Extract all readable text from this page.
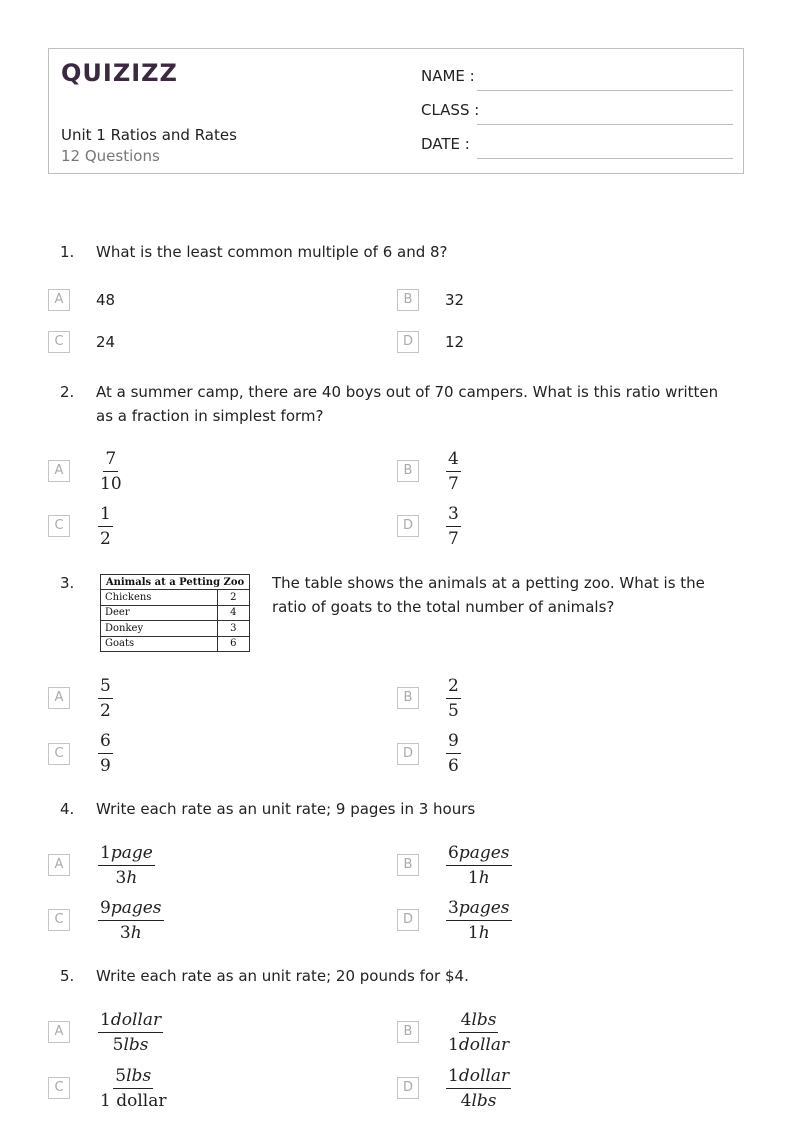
QUIZIZZ
Unit 1 Ratios and Rates
12 Questions
NAME :
CLASS :
DATE :
1. What is the least common multiple of 6 and 8?
A	48	B	32
C	24	D	12
2. At a summer camp, there are 40 boys out of 70 campers. What is this ratio written as a fraction in simplest form?
A	$\frac{7}{10}$	B	$\frac{4}{7}$
C	$\frac{1}{2}$	D	$\frac{3}{7}$
3.	Animals at a Petting Zoo	
Chickens	2
Deer	4
Donkey	3
Goats	6
The table shows the animals at a petting zoo. What is the ratio of goats to the total number of animals?
A	$\frac{5}{2}$	B	$\frac{2}{5}$
C	$\frac{6}{9}$	D	$\frac{9}{6}$
4. Write each rate as an unit rate; 9 pages in 3 hours
A
1page
3h
B
6pages
1h
C
9pages
3h
D
3pages
1h
5. Write each rate as an unit rate; 20 pounds for $4.
A
1dollar
5lbs
B
4lbs
1dollar
C
5lbs
1 dollar
D
1dollar
4lbs
